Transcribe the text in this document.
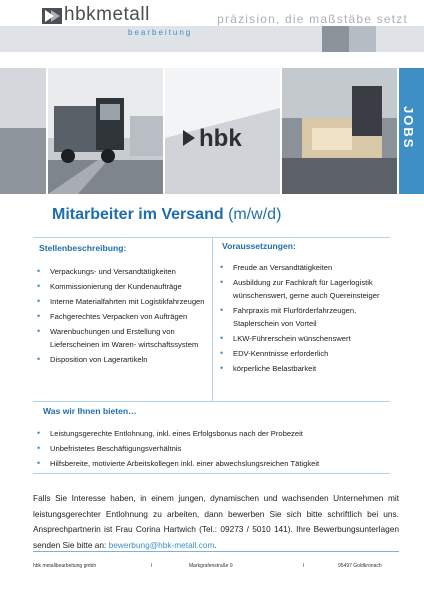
hbkmetall
bearbeitung
präzision, die maßstäbe setzt
hbk	JOBS
Mitarbeiter im Versand (m/w/d)
Stellenbeschreibung:
• Verpackungs- und Versandtätigkeiten
• Kommissionierung der Kundenaufträge
• Interne Materialfahrten mit Logistikfahrzeugen
• Fachgerechtes Verpacken von Aufträgen
• Warenbuchungen und Erstellung von Lieferscheinen im Waren- wirtschaftssystem
• Disposition von Lagerartikeln
Voraussetzungen:
• Freude an Versandtätigkeiten
• Ausbildung zur Fachkraft für Lagerlogistik wünschenswert, gerne auch Quereinsteiger
• Fahrpraxis mit Flurförderfahrzeugen, Staplerschein von Vorteil
• LKW-Führerschein wünschenswert
• EDV-Kenntnisse erforderlich
• körperliche Belastbarkeit
Was wir Ihnen bieten…
• Leistungsgerechte Entlohnung, inkl. eines Erfolgsbonus nach der Probezeit
• Unbefristetes Beschäftigungsverhältnis
• Hilfsbereite, motivierte Arbeitskollegen inkl. einer abwechslungsreichen Tätigkeit

Falls Sie Interesse haben, in einem jungen, dynamischen und wachsenden Unternehmen mit leistungsgerechter Entlohnung zu arbeiten, dann bewerben Sie sich bitte schriftlich bei uns. Ansprechpartnerin ist Frau Corina Hartwich (Tel.: 09273 / 5010 141). Ihre Bewerbungsunterlagen senden Sie bitte an: bewerbung@hbk-metall.com.

hbk metallbearbeitung gmbh	I	Markgrafenstraße 9	I	95497 Goldkronach
